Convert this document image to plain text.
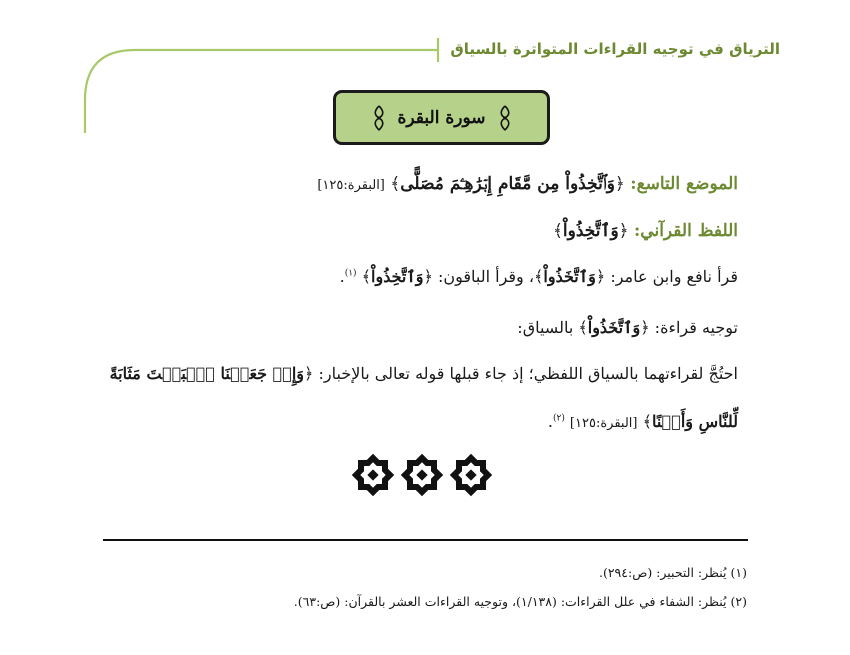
الترياق في توجيه القراءات المتواترة بالسياق
سورة البقرة
الموضع التاسع: ﴿وَٱتَّخِذُواْ مِن مَّقَامِ إِبۡرَٰهِـۧمَ مُصَلًّى﴾ [البقرة:١٢٥]
اللفظ القرآني: ﴿وَٱتَّخِذُواْ﴾
قرأ نافع وابن عامر: ﴿وَٱتَّخَذُواْ﴾، وقرأ الباقون: ﴿وَٱتَّخِذُواْ﴾ $^{(١)}$.
توجيه قراءة: ﴿وَٱتَّخَذُواْ﴾ بالسياق:
احتُجَّ لقراءتهما بالسياق اللفظي؛ إذ جاء قبلها قوله تعالى بالإخبار: ﴿وَإِذۡ جَعَلۡنَا ٱلۡبَيۡتَ مَثَابَةً
لِّلنَّاسِ وَأَمۡنًا﴾ [البقرة:١٢٥] $^{(٢)}$.
(١) يُنظر: التحبير: (ص:٢٩٤).
(٢) يُنظر: الشفاء في علل القراءات: (١/١٣٨)، وتوجيه القراءات العشر بالقرآن: (ص:٦٣).
